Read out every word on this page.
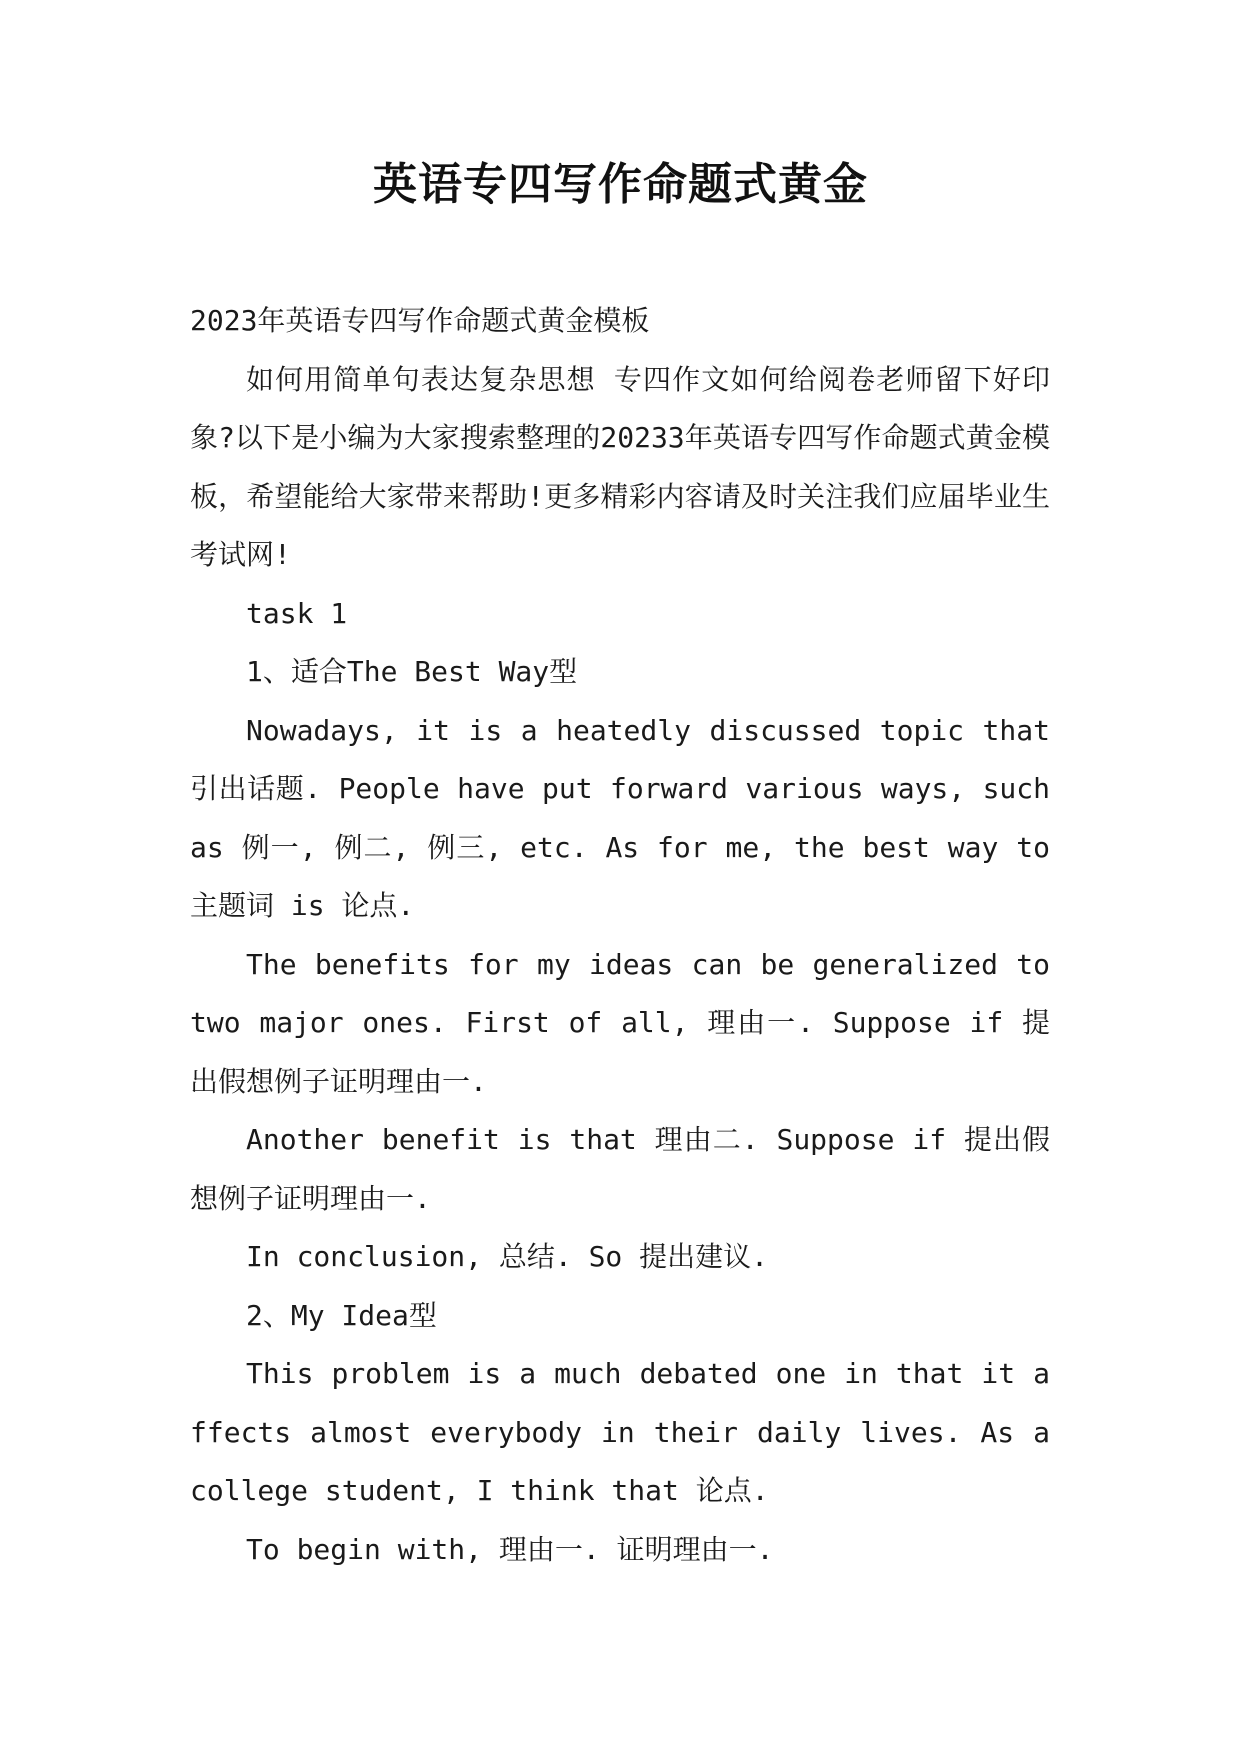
英语专四写作命题式黄金

2023年英语专四写作命题式黄金模板

如何用简单句表达复杂思想 专四作文如何给阅卷老师留下好印象?以下是小编为大家搜索整理的20233年英语专四写作命题式黄金模板，希望能给大家带来帮助!更多精彩内容请及时关注我们应届毕业生考试网!

task 1

1、适合The Best Way型

Nowadays, it is a heatedly discussed topic that 引出话题. People have put forward various ways, such as 例一, 例二, 例三, etc. As for me, the best way to 主题词 is 论点.

The benefits for my ideas can be generalized to two major ones. First of all, 理由一. Suppose if 提出假想例子证明理由一.

Another benefit is that 理由二. Suppose if 提出假想例子证明理由一.

In conclusion, 总结. So 提出建议.

2、My Idea型

This problem is a much debated one in that it affects almost everybody in their daily lives. As a college student, I think that 论点.

To begin with, 理由一. 证明理由一.
